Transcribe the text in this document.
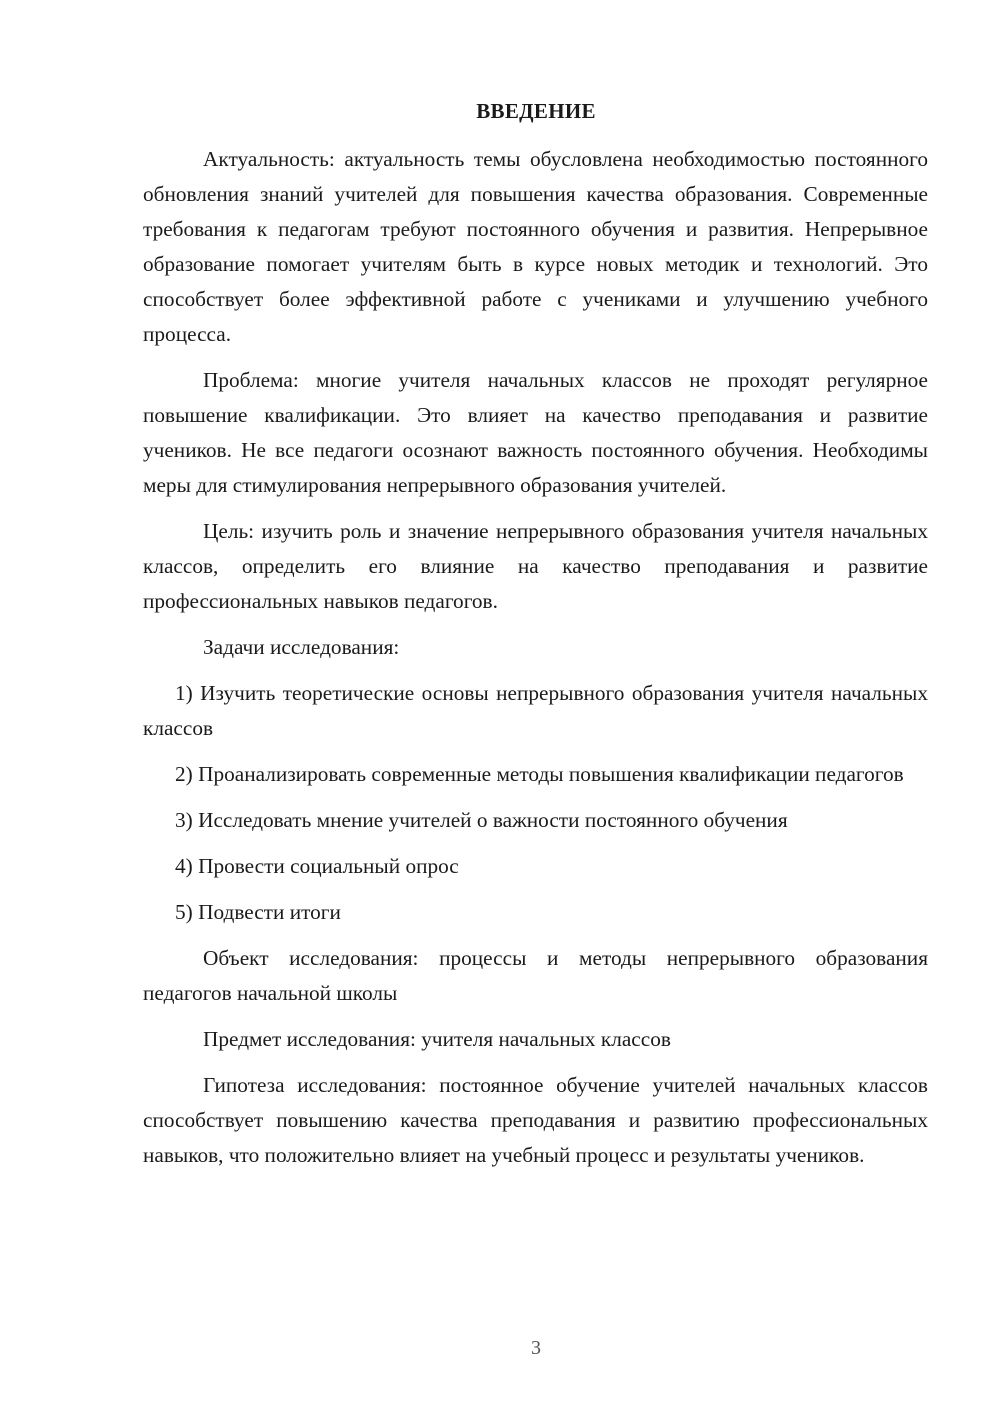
ВВЕДЕНИЕ

Актуальность: актуальность темы обусловлена необходимостью постоянного обновления знаний учителей для повышения качества образования. Современные требования к педагогам требуют постоянного обучения и развития. Непрерывное образование помогает учителям быть в курсе новых методик и технологий. Это способствует более эффективной работе с учениками и улучшению учебного процесса.

Проблема: многие учителя начальных классов не проходят регулярное повышение квалификации. Это влияет на качество преподавания и развитие учеников. Не все педагоги осознают важность постоянного обучения. Необходимы меры для стимулирования непрерывного образования учителей.

Цель: изучить роль и значение непрерывного образования учителя начальных классов, определить его влияние на качество преподавания и развитие профессиональных навыков педагогов.

Задачи исследования:

1) Изучить теоретические основы непрерывного образования учителя начальных классов

2) Проанализировать современные методы повышения квалификации педагогов

3) Исследовать мнение учителей о важности постоянного обучения

4) Провести социальный опрос

5) Подвести итоги

Объект исследования: процессы и методы непрерывного образования педагогов начальной школы

Предмет исследования: учителя начальных классов

Гипотеза исследования: постоянное обучение учителей начальных классов способствует повышению качества преподавания и развитию профессиональных навыков, что положительно влияет на учебный процесс и результаты учеников.

3
